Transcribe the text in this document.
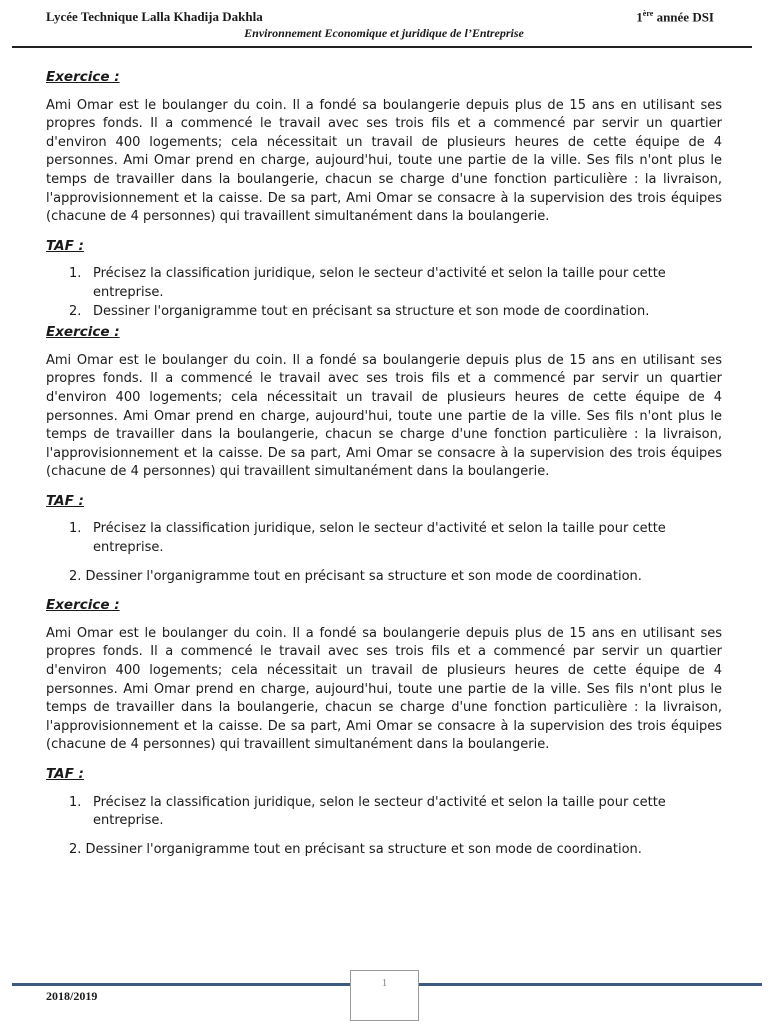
Lycée Technique Lalla Khadija Dakhla	1ère année DSI
Environnement Economique et juridique de l’Entreprise
Exercice :

Ami Omar est le boulanger du coin. Il a fondé sa boulangerie depuis plus de 15 ans en utilisant ses propres fonds. Il a commencé le travail avec ses trois fils et a commencé par servir un quartier d'environ 400 logements; cela nécessitait un travail de plusieurs heures de cette équipe de 4 personnes. Ami Omar prend en charge, aujourd'hui, toute une partie de la ville. Ses fils n'ont plus le temps de travailler dans la boulangerie, chacun se charge d'une fonction particulière : la livraison, l'approvisionnement et la caisse. De sa part, Ami Omar se consacre à la supervision des trois équipes (chacune de 4 personnes) qui travaillent simultanément dans la boulangerie.

TAF :
1. Précisez la classification juridique, selon le secteur d'activité et selon la taille pour cette entreprise.
2. Dessiner l'organigramme tout en précisant sa structure et son mode de coordination.
Exercice :

Ami Omar est le boulanger du coin. Il a fondé sa boulangerie depuis plus de 15 ans en utilisant ses propres fonds. Il a commencé le travail avec ses trois fils et a commencé par servir un quartier d'environ 400 logements; cela nécessitait un travail de plusieurs heures de cette équipe de 4 personnes. Ami Omar prend en charge, aujourd'hui, toute une partie de la ville. Ses fils n'ont plus le temps de travailler dans la boulangerie, chacun se charge d'une fonction particulière : la livraison, l'approvisionnement et la caisse. De sa part, Ami Omar se consacre à la supervision des trois équipes (chacune de 4 personnes) qui travaillent simultanément dans la boulangerie.

TAF :
1. Précisez la classification juridique, selon le secteur d'activité et selon la taille pour cette entreprise.
2. Dessiner l'organigramme tout en précisant sa structure et son mode de coordination.
Exercice :

Ami Omar est le boulanger du coin. Il a fondé sa boulangerie depuis plus de 15 ans en utilisant ses propres fonds. Il a commencé le travail avec ses trois fils et a commencé par servir un quartier d'environ 400 logements; cela nécessitait un travail de plusieurs heures de cette équipe de 4 personnes. Ami Omar prend en charge, aujourd'hui, toute une partie de la ville. Ses fils n'ont plus le temps de travailler dans la boulangerie, chacun se charge d'une fonction particulière : la livraison, l'approvisionnement et la caisse. De sa part, Ami Omar se consacre à la supervision des trois équipes (chacune de 4 personnes) qui travaillent simultanément dans la boulangerie.

TAF :
1. Précisez la classification juridique, selon le secteur d'activité et selon la taille pour cette entreprise.
2. Dessiner l'organigramme tout en précisant sa structure et son mode de coordination.
1
2018/2019
